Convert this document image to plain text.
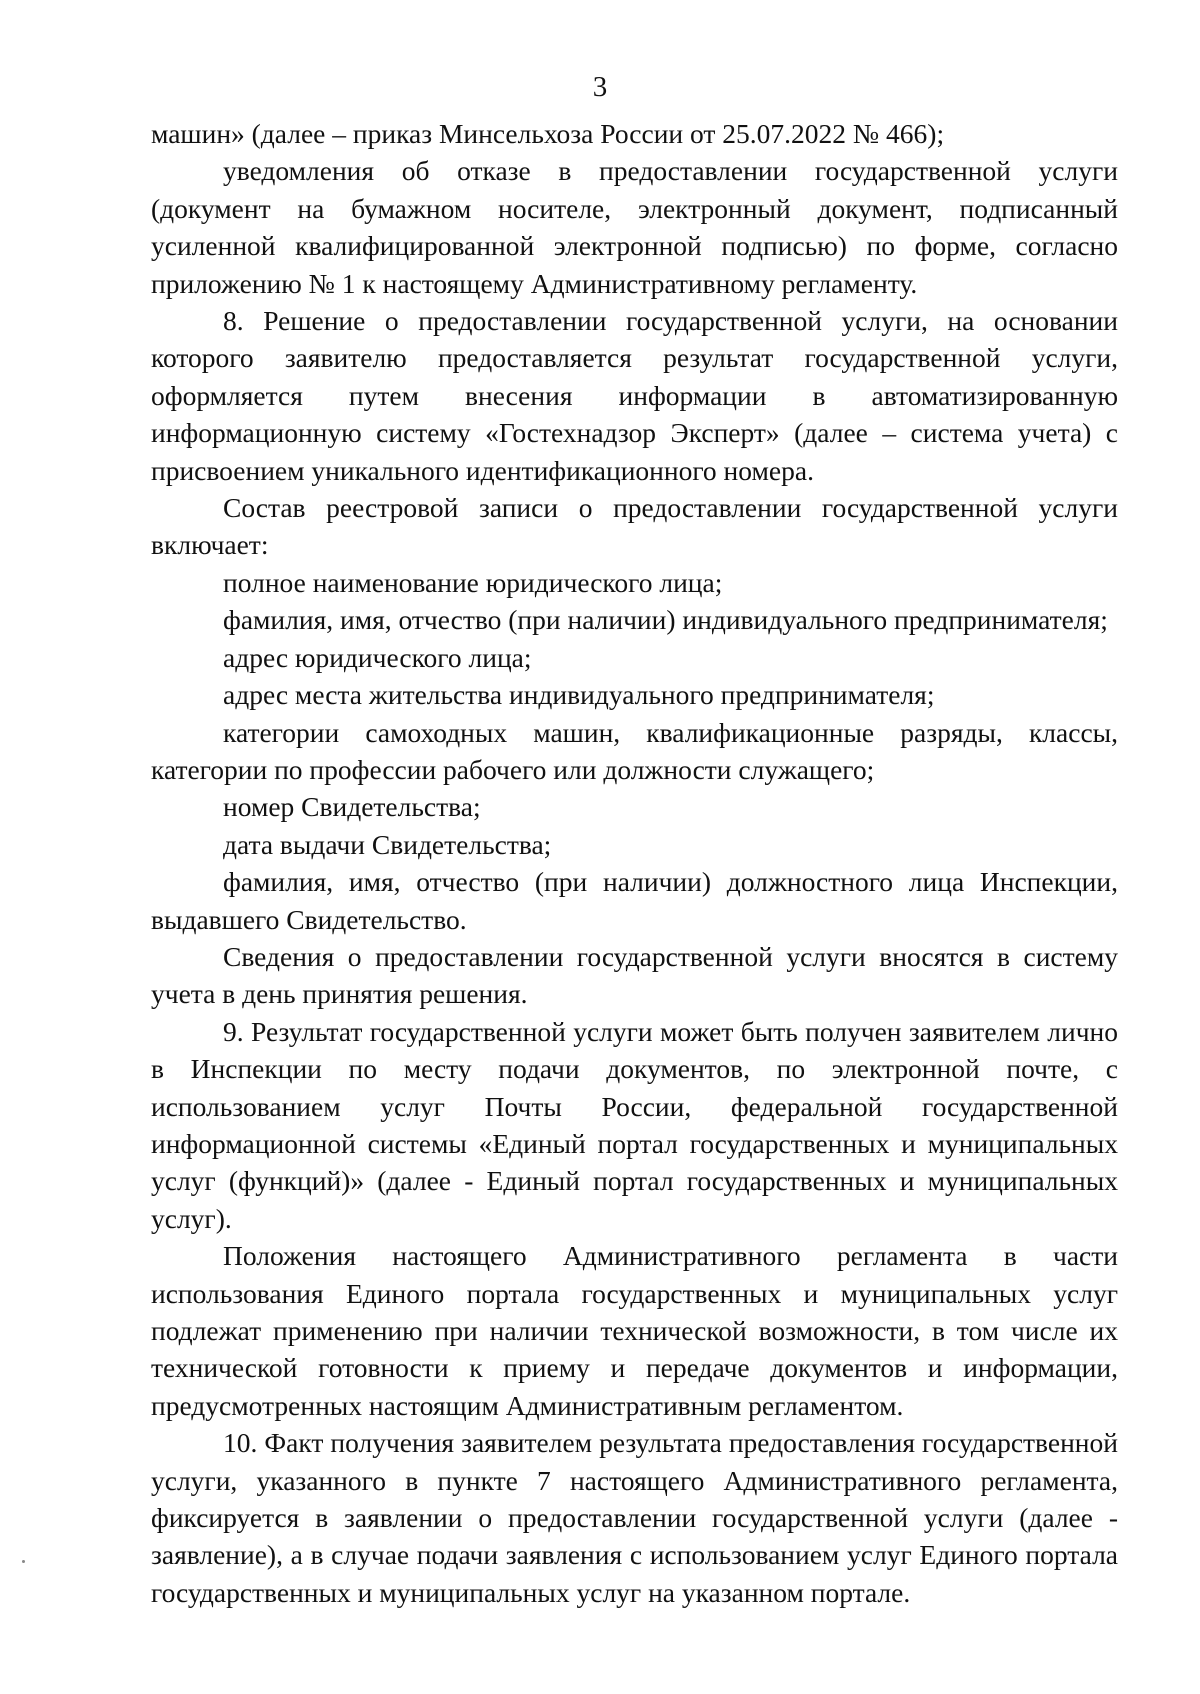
3

машин» (далее – приказ Минсельхоза России от 25.07.2022 № 466);

уведомления об отказе в предоставлении государственной услуги (документ на бумажном носителе, электронный документ, подписанный усиленной квалифицированной электронной подписью) по форме, согласно приложению № 1 к настоящему Административному регламенту.

8. Решение о предоставлении государственной услуги, на основании которого заявителю предоставляется результат государственной услуги, оформляется путем внесения информации в автоматизированную информационную систему «Гостехнадзор Эксперт» (далее – система учета) с присвоением уникального идентификационного номера.

Состав реестровой записи о предоставлении государственной услуги включает:

полное наименование юридического лица;

фамилия, имя, отчество (при наличии) индивидуального предпринимателя;

адрес юридического лица;

адрес места жительства индивидуального предпринимателя;

категории самоходных машин, квалификационные разряды, классы, категории по профессии рабочего или должности служащего;

номер Свидетельства;

дата выдачи Свидетельства;

фамилия, имя, отчество (при наличии) должностного лица Инспекции, выдавшего Свидетельство.

Сведения о предоставлении государственной услуги вносятся в систему учета в день принятия решения.

9. Результат государственной услуги может быть получен заявителем лично в Инспекции по месту подачи документов, по электронной почте, с использованием услуг Почты России, федеральной государственной информационной системы «Единый портал государственных и муниципальных услуг (функций)» (далее - Единый портал государственных и муниципальных услуг).

Положения настоящего Административного регламента в части использования Единого портала государственных и муниципальных услуг подлежат применению при наличии технической возможности, в том числе их технической готовности к приему и передаче документов и информации, предусмотренных настоящим Административным регламентом.

10. Факт получения заявителем результата предоставления государственной услуги, указанного в пункте 7 настоящего Административного регламента, фиксируется в заявлении о предоставлении государственной услуги (далее - заявление), а в случае подачи заявления с использованием услуг Единого портала государственных и муниципальных услуг на указанном портале.
